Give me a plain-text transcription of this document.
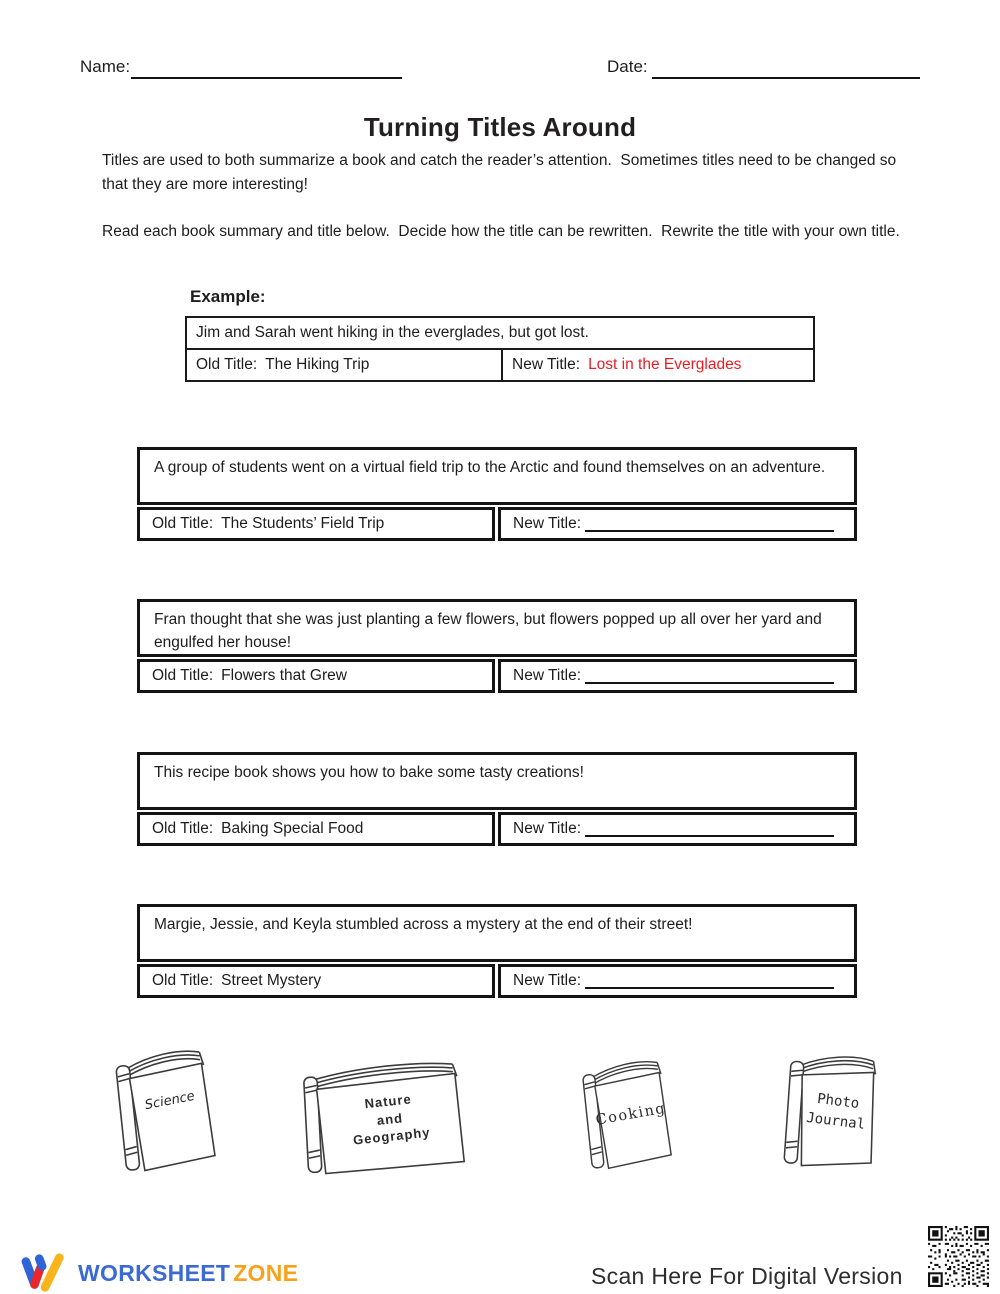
Name:	Date:
Turning Titles Around
Titles are used to both summarize a book and catch the reader’s attention.  Sometimes titles need to be changed so that they are more interesting!
Read each book summary and title below.  Decide how the title can be rewritten.  Rewrite the title with your own title.
Example:
Jim and Sarah went hiking in the everglades, but got lost.
Old Title: The Hiking Trip	New Title: Lost in the Everglades
A group of students went on a virtual field trip to the Arctic and found themselves on an adventure.
Old Title: The Students’ Field Trip	New Title:
Fran thought that she was just planting a few flowers, but flowers popped up all over her yard and engulfed her house!
Old Title: Flowers that Grew	New Title:
This recipe book shows you how to bake some tasty creations!
Old Title: Baking Special Food	New Title:
Margie, Jessie, and Keyla stumbled across a mystery at the end of their street!
Old Title: Street Mystery	New Title:
Science	Nature
and
Geography
Cooking	Photo
Journal
WORKSHEET ZONE	Scan Here For Digital Version
